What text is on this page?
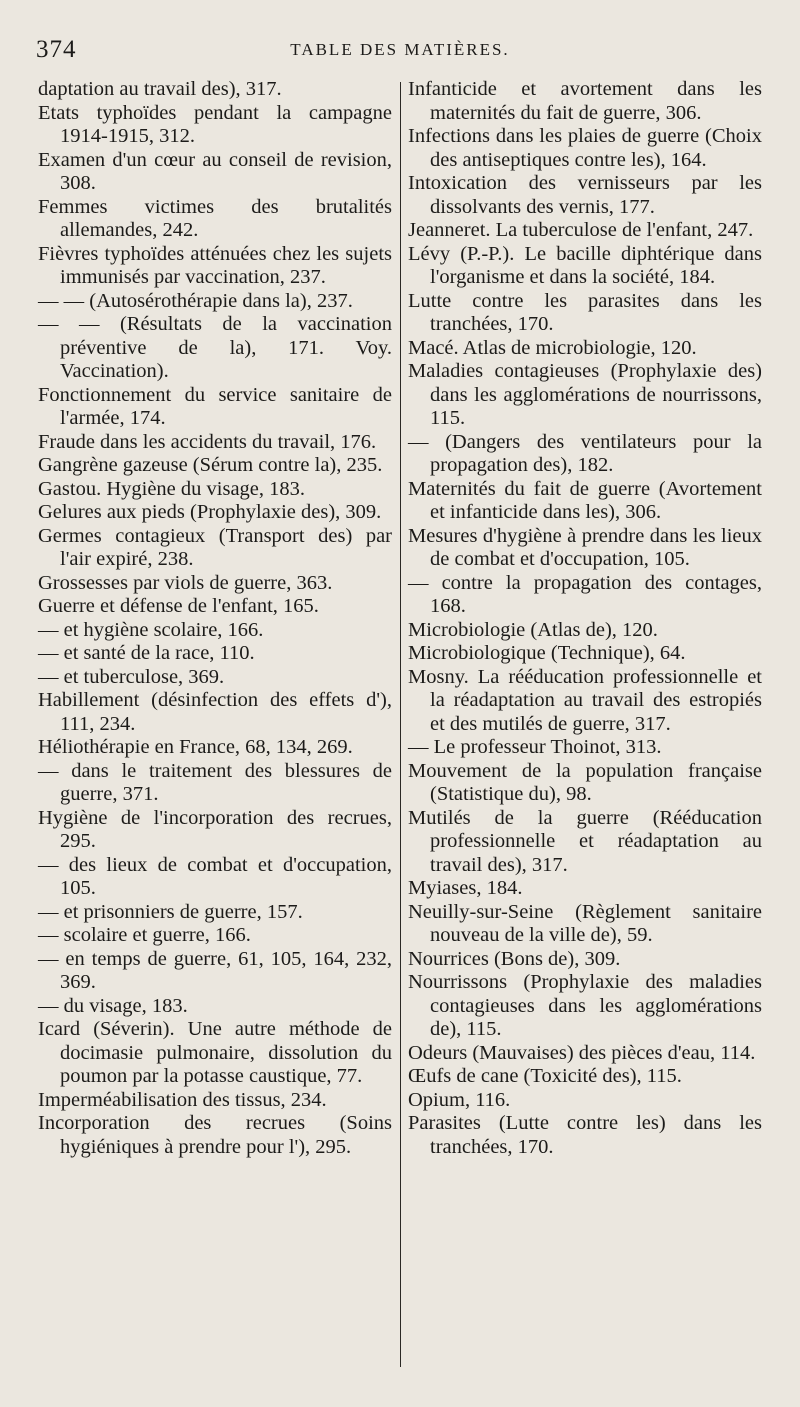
374	TABLE DES MATIÈRES.

daptation au travail des), 317.

Etats typhoïdes pendant la campagne 1914-1915, 312.

Examen d'un cœur au conseil de revision, 308.

Femmes victimes des brutalités allemandes, 242.

Fièvres typhoïdes atténuées chez les sujets immunisés par vaccination, 237.

— — (Autosérothérapie dans la), 237.

— — (Résultats de la vaccination préventive de la), 171. Voy. Vaccination).

Fonctionnement du service sanitaire de l'armée, 174.

Fraude dans les accidents du travail, 176.

Gangrène gazeuse (Sérum contre la), 235.

Gastou. Hygiène du visage, 183.

Gelures aux pieds (Prophylaxie des), 309.

Germes contagieux (Transport des) par l'air expiré, 238.

Grossesses par viols de guerre, 363.

Guerre et défense de l'enfant, 165.

— et hygiène scolaire, 166.

— et santé de la race, 110.

— et tuberculose, 369.

Habillement (désinfection des effets d'), 111, 234.

Héliothérapie en France, 68, 134, 269.

— dans le traitement des blessures de guerre, 371.

Hygiène de l'incorporation des recrues, 295.

— des lieux de combat et d'occupation, 105.

— et prisonniers de guerre, 157.

— scolaire et guerre, 166.

— en temps de guerre, 61, 105, 164, 232, 369.

— du visage, 183.

Icard (Séverin). Une autre méthode de docimasie pulmonaire, dissolution du poumon par la potasse caustique, 77.

Imperméabilisation des tissus, 234.

Incorporation des recrues (Soins hygiéniques à prendre pour l'), 295.

Infanticide et avortement dans les maternités du fait de guerre, 306.

Infections dans les plaies de guerre (Choix des antiseptiques contre les), 164.

Intoxication des vernisseurs par les dissolvants des vernis, 177.

Jeanneret. La tuberculose de l'enfant, 247.

Lévy (P.-P.). Le bacille diphtérique dans l'organisme et dans la société, 184.

Lutte contre les parasites dans les tranchées, 170.

Macé. Atlas de microbiologie, 120.

Maladies contagieuses (Prophylaxie des) dans les agglomérations de nourrissons, 115.

— (Dangers des ventilateurs pour la propagation des), 182.

Maternités du fait de guerre (Avortement et infanticide dans les), 306.

Mesures d'hygiène à prendre dans les lieux de combat et d'occupation, 105.

— contre la propagation des contages, 168.

Microbiologie (Atlas de), 120.

Microbiologique (Technique), 64.

Mosny. La rééducation professionnelle et la réadaptation au travail des estropiés et des mutilés de guerre, 317.

— Le professeur Thoinot, 313.

Mouvement de la population française (Statistique du), 98.

Mutilés de la guerre (Rééducation professionnelle et réadaptation au travail des), 317.

Myiases, 184.

Neuilly-sur-Seine (Règlement sanitaire nouveau de la ville de), 59.

Nourrices (Bons de), 309.

Nourrissons (Prophylaxie des maladies contagieuses dans les agglomérations de), 115.

Odeurs (Mauvaises) des pièces d'eau, 114.

Œufs de cane (Toxicité des), 115.

Opium, 116.

Parasites (Lutte contre les) dans les tranchées, 170.
